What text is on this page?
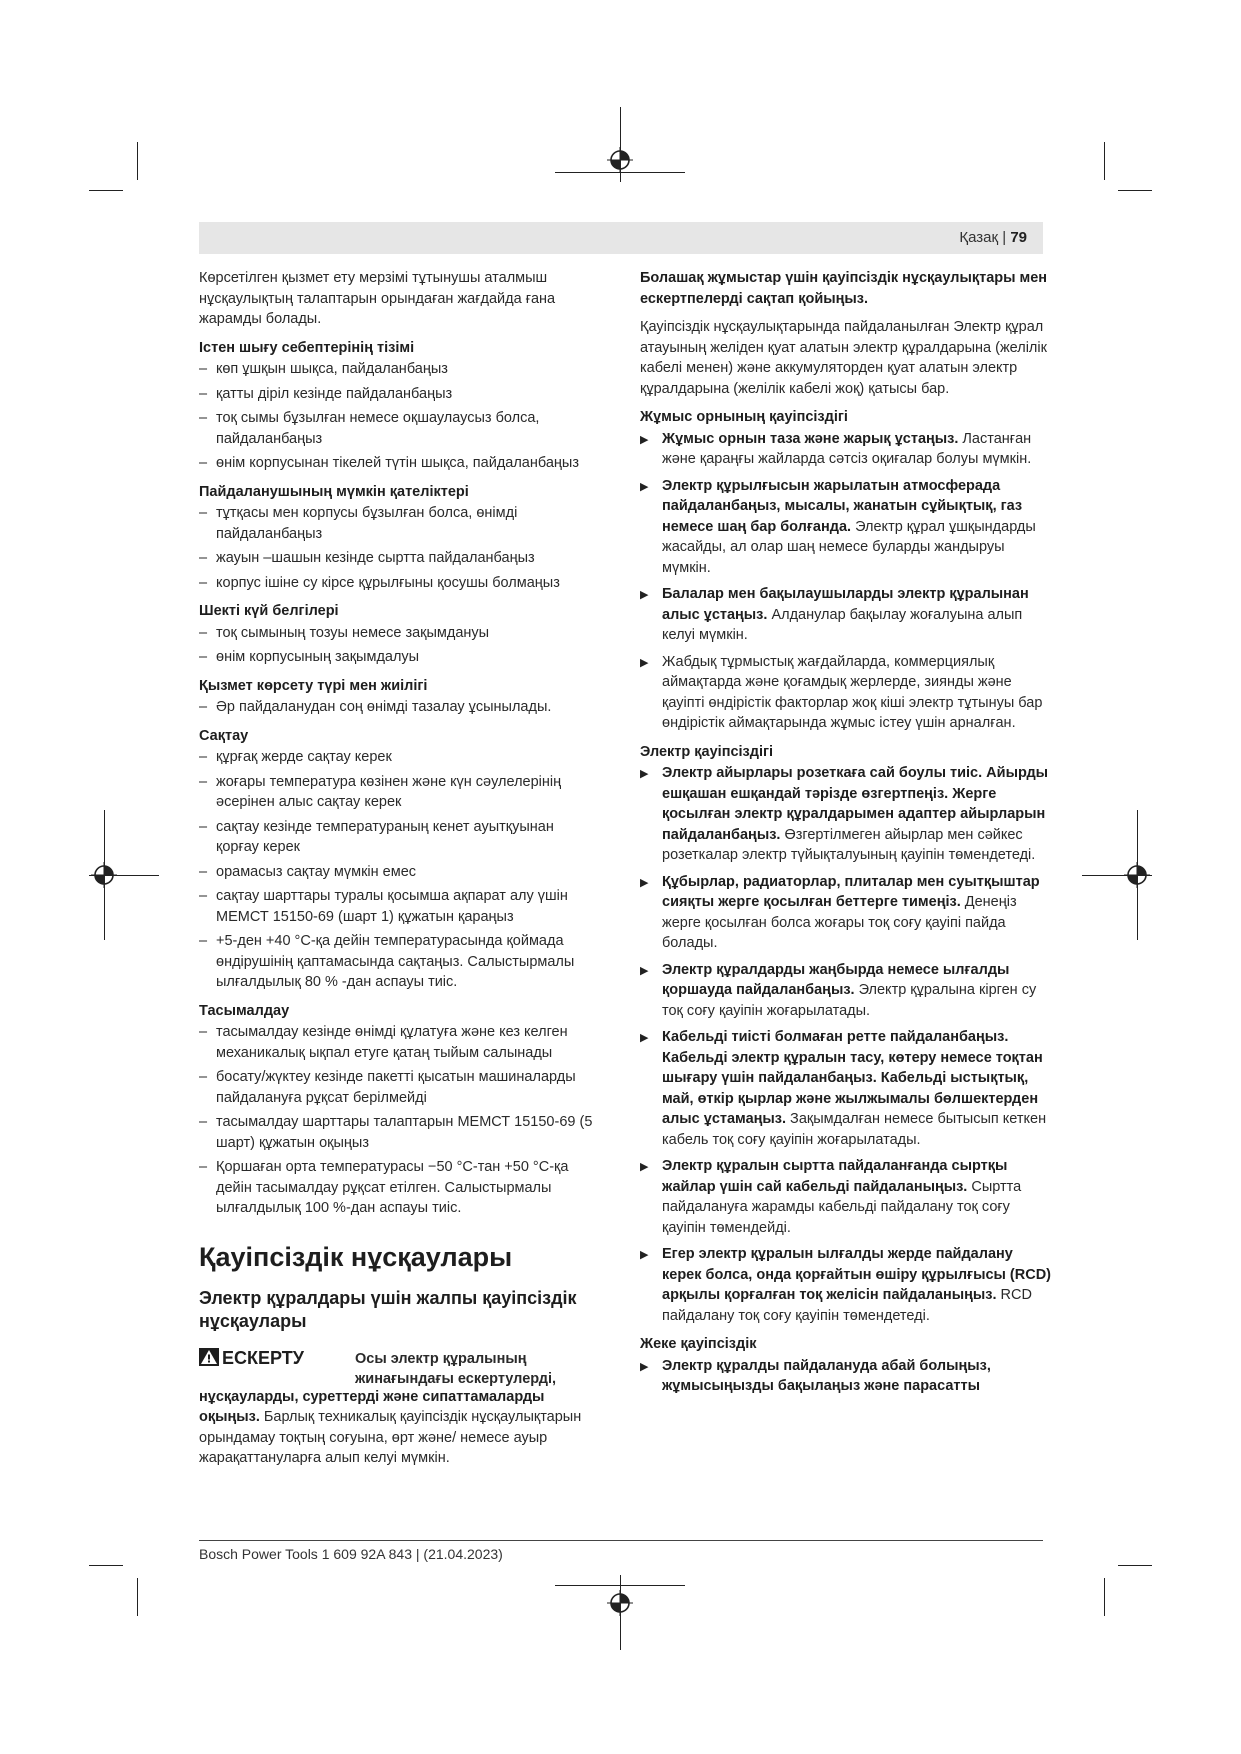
Қазақ | 79

Көрсетілген қызмет ету мерзімі тұтынушы аталмыш нұсқаулықтың талаптарын орындаған жағдайда ғана жарамды болады.

Істен шығу себептерінің тізімі
– көп ұшқын шықса, пайдаланбаңыз
– қатты діріл кезінде пайдаланбаңыз
– тоқ сымы бұзылған немесе оқшаулаусыз болса, пайдаланбаңыз
– өнім корпусынан тікелей түтін шықса, пайдаланбаңыз
Пайдаланушының мүмкін қателіктері
– тұтқасы мен корпусы бұзылған болса, өнімді пайдаланбаңыз
– жауын –шашын кезінде сыртта пайдаланбаңыз
– корпус ішіне су кірсе құрылғыны қосушы болмаңыз
Шекті күй белгілері
– тоқ сымының тозуы немесе зақымдануы
– өнім корпусының зақымдалуы
Қызмет көрсету түрі мен жиілігі
– Әр пайдаланудан соң өнімді тазалау ұсынылады.
Сақтау
– құрғақ жерде сақтау керек
– жоғары температура көзінен және күн сәулелерінің әсерінен алыс сақтау керек
– сақтау кезінде температураның кенет ауытқуынан қорғау керек
– орамасыз сақтау мүмкін емес
– сақтау шарттары туралы қосымша ақпарат алу үшін МЕМСТ 15150-69 (шарт 1) құжатын қараңыз
– +5-ден +40 °C-қа дейін температурасында қоймада өндірушінің қаптамасында сақтаңыз. Салыстырмалы ылғалдылық 80 % -дан аспауы тиіс.
Тасымалдау
– тасымалдау кезінде өнімді құлатуға және кез келген механикалық ықпал етуге қатаң тыйым салынады
– босату/жүктеу кезінде пакетті қысатын машиналарды пайдалануға рұқсат берілмейді
– тасымалдау шарттары талаптарын МЕМСТ 15150-69 (5 шарт) құжатын оқыңыз
– Қоршаған орта температурасы −50 °C-тан +50 °C-қа дейін тасымалдау рұқсат етілген. Салыстырмалы ылғалдылық 100 %-дан аспауы тиіс.
Қауіпсіздік нұсқаулары
Электр құралдары үшін жалпы қауіпсіздік нұсқаулары
ЕСКЕРТУ	Осы электр құралының жинағындағы ескертулерді,

нұсқауларды, суреттерді және сипаттамаларды оқыңыз. Барлық техникалық қауіпсіздік нұсқаулықтарын орындамау тоқтың соғуына, өрт және/ немесе ауыр жарақаттануларға алып келуі мүмкін.

Болашақ жұмыстар үшін қауіпсіздік нұсқаулықтары мен ескертпелерді сақтап қойыңыз.

Қауіпсіздік нұсқаулықтарында пайдаланылған Электр құрал атауының желіден қуат алатын электр құралдарына (желілік кабелі менен) және аккумуляторден қуат алатын электр құралдарына (желілік кабелі жоқ) қатысы бар.

Жұмыс орнының қауіпсіздігі
▶ Жұмыс орнын таза және жарық ұстаңыз. Ластанған және қараңғы жайларда сәтсіз оқиғалар болуы мүмкін.
▶ Электр құрылғысын жарылатын атмосферада пайдаланбаңыз, мысалы, жанатын сұйықтық, газ немесе шаң бар болғанда. Электр құрал ұшқындарды жасайды, ал олар шаң немесе буларды жандыруы мүмкін.
▶ Балалар мен бақылаушыларды электр құралынан алыс ұстаңыз. Алданулар бақылау жоғалуына алып келуі мүмкін.
▶ Жабдық тұрмыстық жағдайларда, коммерциялық аймақтарда және қоғамдық жерлерде, зиянды және қауіпті өндірістік факторлар жоқ кіші электр тұтынуы бар өндірістік аймақтарында жұмыс істеу үшін арналған.
Электр қауіпсіздігі
▶ Электр айырлары розеткаға сай боулы тиіс. Айырды ешқашан ешқандай тәрізде өзгертпеңіз. Жерге қосылған электр құралдарымен адаптер айырларын пайдаланбаңыз. Өзгертілмеген айырлар мен сәйкес розеткалар электр түйықталуының қауіпін төмендетеді.
▶ Құбырлар, радиаторлар, плиталар мен суытқыштар сияқты жерге қосылған беттерге тимеңіз. Денеңіз жерге қосылған болса жоғары тоқ соғу қауіпі пайда болады.
▶ Электр құралдарды жаңбырда немесе ылғалды қоршауда пайдаланбаңыз. Электр құралына кірген су тоқ соғу қауіпін жоғарылатады.
▶ Кабельді тиісті болмаған ретте пайдаланбаңыз. Кабельді электр құралын тасу, көтеру немесе тоқтан шығару үшін пайдаланбаңыз. Кабельді ыстықтық, май, өткір қырлар және жылжымалы бөлшектерден алыс ұстамаңыз. Зақымдалған немесе бытысып кеткен кабель тоқ соғу қауіпін жоғарылатады.
▶ Электр құралын сыртта пайдаланғанда сыртқы жайлар үшін сай кабельді пайдаланыңыз. Сыртта пайдалануға жарамды кабельді пайдалану тоқ соғу қауіпін төмендейді.
▶ Егер электр құралын ылғалды жерде пайдалану керек болса, онда қорғайтын өшіру құрылғысы (RCD) арқылы қорғалған тоқ желісін пайдаланыңыз. RCD пайдалану тоқ соғу қауіпін төмендетеді.
Жеке қауіпсіздік
▶ Электр құралды пайдалануда абай болыңыз, жұмысыңызды бақылаңыз және парасатты
Bosch Power Tools 1 609 92A 843 | (21.04.2023)
